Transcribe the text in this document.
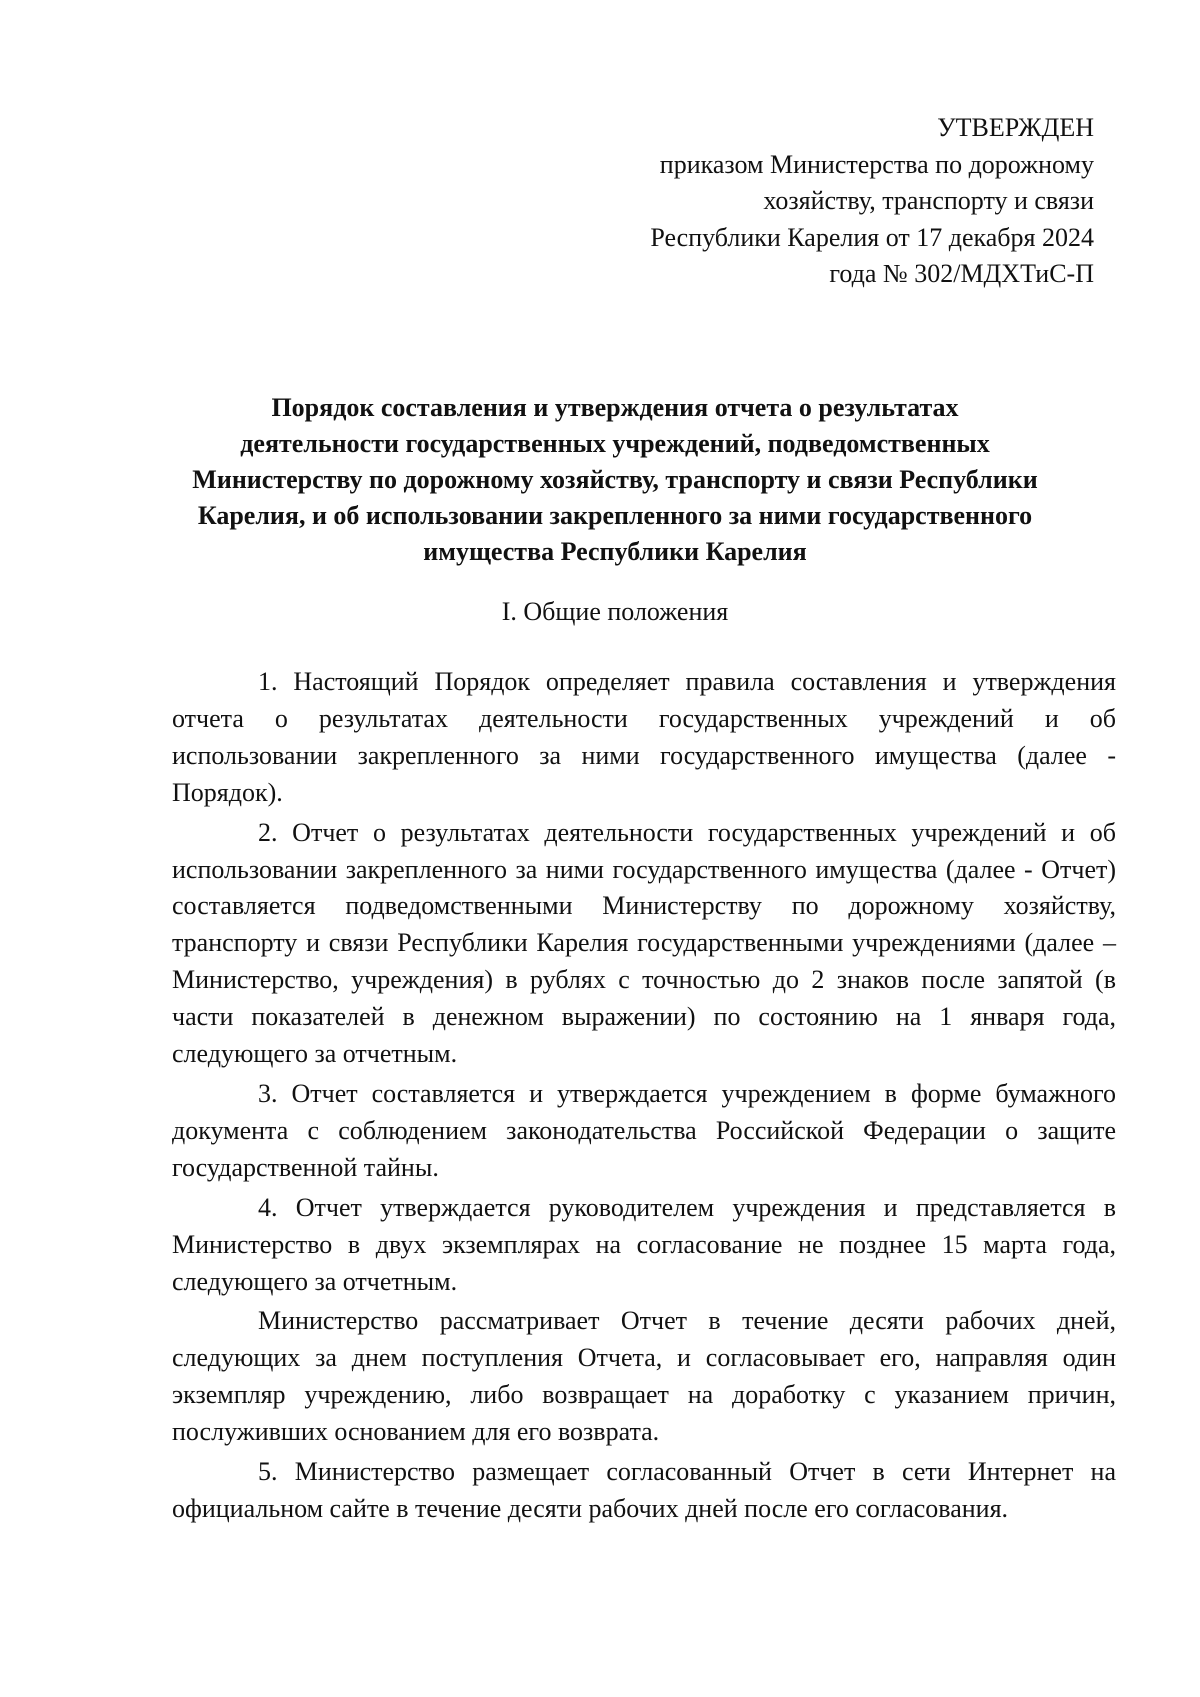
УТВЕРЖДЕН
приказом Министерства по дорожному
хозяйству, транспорту и связи
Республики Карелия от 17 декабря 2024
года № 302/МДХТиС-П
Порядок составления и утверждения отчета о результатах
деятельности государственных учреждений, подведомственных
Министерству по дорожному хозяйству, транспорту и связи Республики
Карелия, и об использовании закрепленного за ними государственного
имущества Республики Карелия
I. Общие положения

1. Настоящий Порядок определяет правила составления и утверждения отчета о результатах деятельности государственных учреждений и об использовании закрепленного за ними государственного имущества (далее - Порядок).

2. Отчет о результатах деятельности государственных учреждений и об использовании закрепленного за ними государственного имущества (далее - Отчет) составляется подведомственными Министерству по дорожному хозяйству, транспорту и связи Республики Карелия государственными учреждениями (далее – Министерство, учреждения) в рублях с точностью до 2 знаков после запятой (в части показателей в денежном выражении) по состоянию на 1 января года, следующего за отчетным.

3. Отчет составляется и утверждается учреждением в форме бумажного документа с соблюдением законодательства Российской Федерации о защите государственной тайны.

4. Отчет утверждается руководителем учреждения и представляется в Министерство в двух экземплярах на согласование не позднее 15 марта года, следующего за отчетным.

Министерство рассматривает Отчет в течение десяти рабочих дней, следующих за днем поступления Отчета, и согласовывает его, направляя один экземпляр учреждению, либо возвращает на доработку с указанием причин, послуживших основанием для его возврата.

5. Министерство размещает согласованный Отчет в сети Интернет на официальном сайте в течение десяти рабочих дней после его согласования.
